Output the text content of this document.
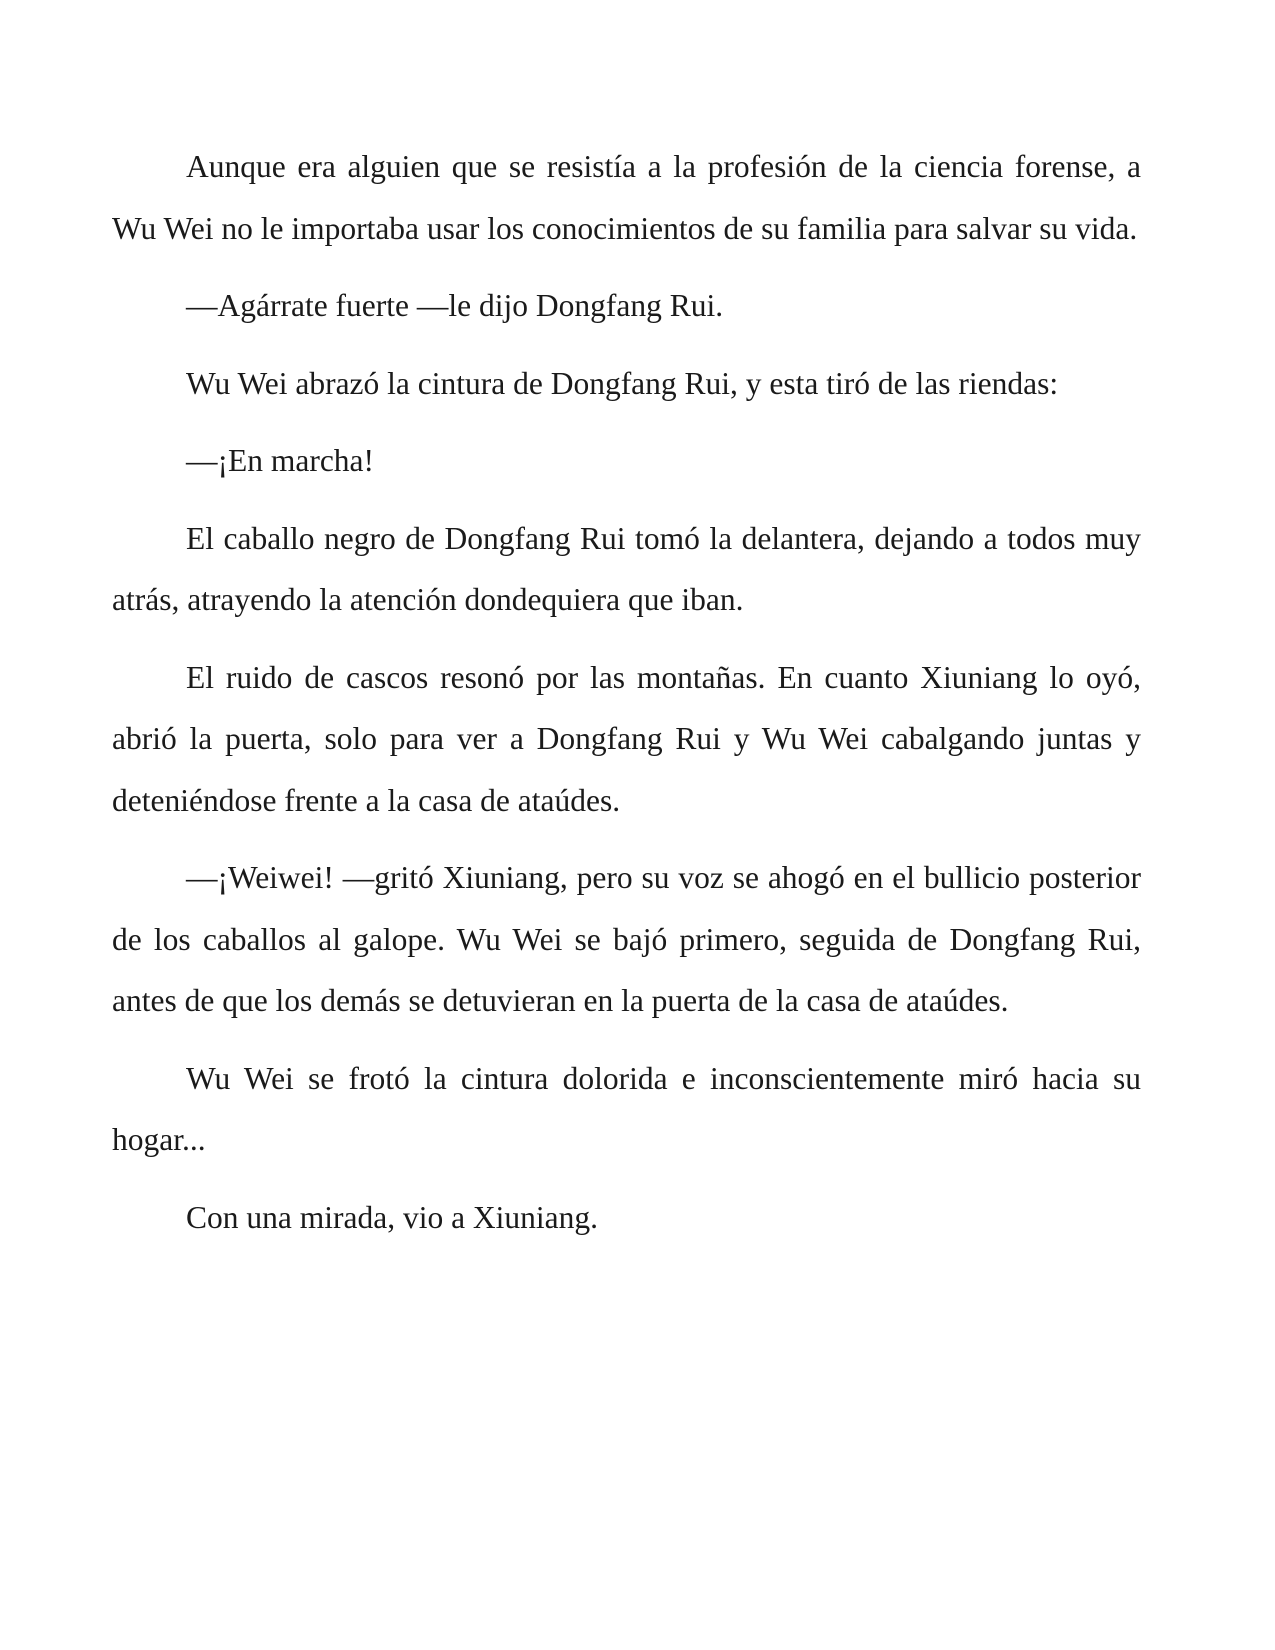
Aunque era alguien que se resistía a la profesión de la ciencia forense, a Wu Wei no le importaba usar los conocimientos de su familia para salvar su vida.

—Agárrate fuerte —le dijo Dongfang Rui.

Wu Wei abrazó la cintura de Dongfang Rui, y esta tiró de las riendas:

—¡En marcha!

El caballo negro de Dongfang Rui tomó la delantera, dejando a todos muy atrás, atrayendo la atención dondequiera que iban.

El ruido de cascos resonó por las montañas. En cuanto Xiuniang lo oyó, abrió la puerta, solo para ver a Dongfang Rui y Wu Wei cabalgando juntas y deteniéndose frente a la casa de ataúdes.

—¡Weiwei! —gritó Xiuniang, pero su voz se ahogó en el bullicio posterior de los caballos al galope. Wu Wei se bajó primero, seguida de Dongfang Rui, antes de que los demás se detuvieran en la puerta de la casa de ataúdes.

Wu Wei se frotó la cintura dolorida e inconscientemente miró hacia su hogar...

Con una mirada, vio a Xiuniang.
